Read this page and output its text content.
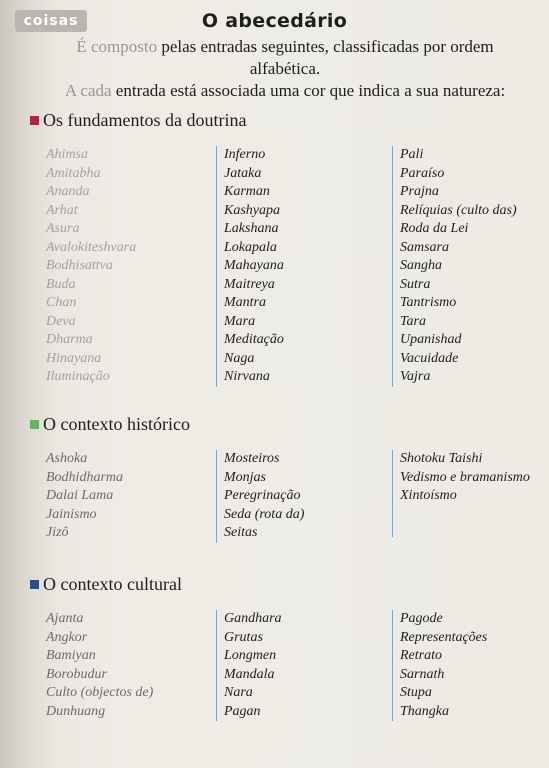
coisas	O abecedário
É composto pelas entradas seguintes, classificadas por ordem alfabética.
A cada entrada está associada uma cor que indica a sua natureza:
Os fundamentos da doutrina
Ahimsa
Amitabha
Ananda
Arhat
Asura
Avalokiteshvara
Bodhisattva
Buda
Chan
Deva
Dharma
Hinayana
Iluminação
Inferno
Jataka
Karman
Kashyapa
Lakshana
Lokapala
Mahayana
Maitreya
Mantra
Mara
Meditação
Naga
Nirvana
Pali
Paraíso
Prajna
Relíquias (culto das)
Roda da Lei
Samsara
Sangha
Sutra
Tantrismo
Tara
Upanishad
Vacuidade
Vajra
O contexto histórico
Ashoka
Bodhidharma
Dalai Lama
Jainismo
Jizô
Mosteiros
Monjas
Peregrinação
Seda (rota da)
Seitas
Shotoku Taishi
Vedismo e bramanismo
Xintoísmo
O contexto cultural
Ajanta
Angkor
Bamiyan
Borobudur
Culto (objectos de)
Dunhuang
Gandhara
Grutas
Longmen
Mandala
Nara
Pagan
Pagode
Representações
Retrato
Sarnath
Stupa
Thangka
